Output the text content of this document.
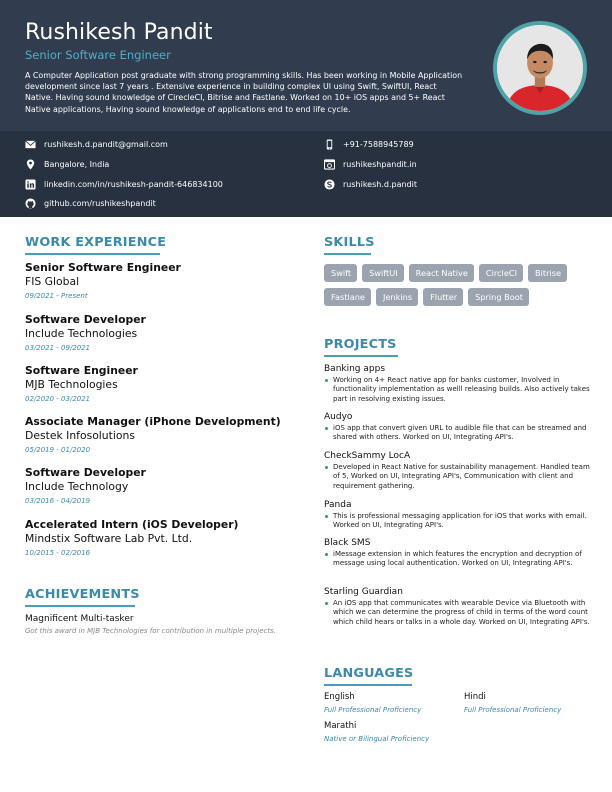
Rushikesh Pandit
Senior Software Engineer
A Computer Application post graduate with strong programming skills. Has been working in Mobile Application development since last 7 years . Extensive experience in building complex UI using Swift, SwiftUI, React Native. Having sound knowledge of CirecleCI, Bitrise and Fastlane. Worked on 10+ iOS apps and 5+ React Native applications, Having sound knowledge of applications end to end life cycle.
rushikesh.d.pandit@gmail.com
Bangalore, India
linkedin.com/in/rushikesh-pandit-646834100
github.com/rushikeshpandit
+91-7588945789
rushikeshpandit.in
rushikesh.d.pandit
WORK EXPERIENCE
Senior Software Engineer
FIS Global
09/2021 - Present
Software Developer
Include Technologies
03/2021 - 09/2021
Software Engineer
MJB Technologies
02/2020 - 03/2021
Associate Manager (iPhone Development)
Destek Infosolutions
05/2019 - 01/2020
Software Developer
Include Technology
03/2016 - 04/2019
Accelerated Intern (iOS Developer)
Mindstix Software Lab Pvt. Ltd.
10/2015 - 02/2016
ACHIEVEMENTS
Magnificent Multi-tasker
Got this award in MJB Technologies for contribution in multiple projects.
SKILLS
Swift	SwiftUI	React Native	CircleCI	Bitrise
Fastlane	Jenkins	Flutter	Spring Boot
PROJECTS
Banking apps
Working on 4+ React native app for banks customer, Involved in functionality implementation as welll releasing builds. Also actively takes part in resolving existing issues.
Audyo
iOS app that convert given URL to audible file that can be streamed and shared with others. Worked on UI, Integrating API's.
CheckSammy LocA
Developed in React Native for sustainability management. Handled team of 5, Worked on UI, Integrating API's, Communication with client and requirement gathering.
Panda
This is professional messaging application for iOS that works with email. Worked on UI, Integrating API's.
Black SMS
iMessage extension in which features the encryption and decryption of message using local authentication. Worked on UI, Integrating API's.
Starling Guardian
An iOS app that communicates with wearable Device via Bluetooth with which we can determine the progress of child in terms of the word count which child hears or talks in a whole day. Worked on UI, Integrating API's.
LANGUAGES
English
Full Professional Proficiency
Hindi
Full Professional Proficiency
Marathi
Native or Bilingual Proficiency
